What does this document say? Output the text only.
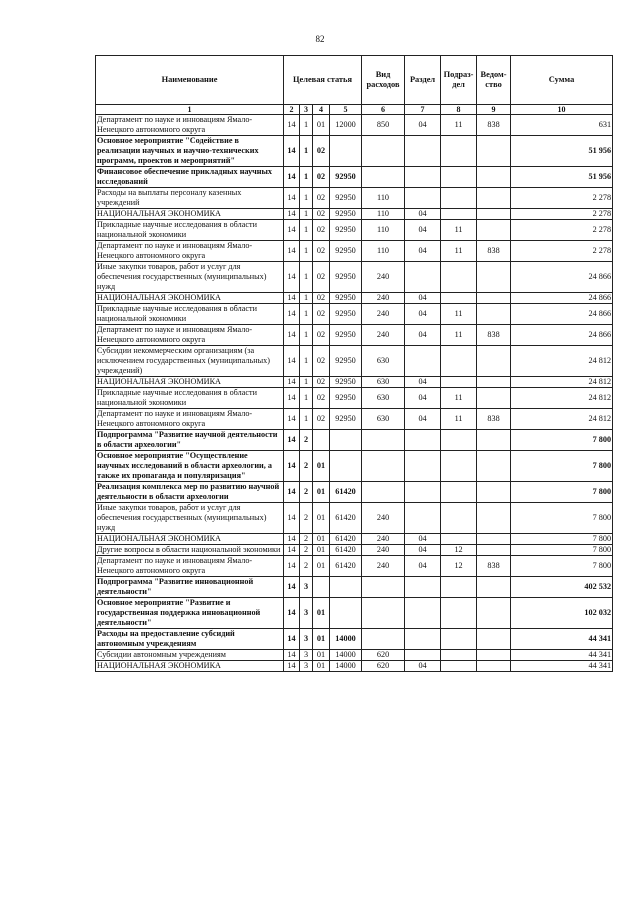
82
Наименование	Целевая статья				Вид расходов	Раздел	Подраз-дел	Ведом-ство	Сумма
1	2	3	4	5	6	7	8	9	10
Департамент по науке и инновациям Ямало-Ненецкого автономного округа	14	1	01	12000	850	04	11	838	631
Основное мероприятие "Содействие в реализации научных и научно-технических программ, проектов и мероприятий"	14	1	02						51 956
Финансовое обеспечение прикладных научных исследований	14	1	02	92950					51 956
Расходы на выплаты персоналу казенных учреждений	14	1	02	92950	110				2 278
НАЦИОНАЛЬНАЯ ЭКОНОМИКА	14	1	02	92950	110	04			2 278
Прикладные научные исследования в области национальной экономики	14	1	02	92950	110	04	11		2 278
Департамент по науке и инновациям Ямало-Ненецкого автономного округа	14	1	02	92950	110	04	11	838	2 278
Иные закупки товаров, работ и услуг для обеспечения государственных (муниципальных) нужд	14	1	02	92950	240				24 866
НАЦИОНАЛЬНАЯ ЭКОНОМИКА	14	1	02	92950	240	04			24 866
Прикладные научные исследования в области национальной экономики	14	1	02	92950	240	04	11		24 866
Департамент по науке и инновациям Ямало-Ненецкого автономного округа	14	1	02	92950	240	04	11	838	24 866
Субсидии некоммерческим организациям (за исключением государственных (муниципальных) учреждений)	14	1	02	92950	630				24 812
НАЦИОНАЛЬНАЯ ЭКОНОМИКА	14	1	02	92950	630	04			24 812
Прикладные научные исследования в области национальной экономики	14	1	02	92950	630	04	11		24 812
Департамент по науке и инновациям Ямало-Ненецкого автономного округа	14	1	02	92950	630	04	11	838	24 812
Подпрограмма "Развитие научной деятельности в области археологии"	14	2							7 800
Основное мероприятие "Осуществление научных исследований в области археологии, а также их пропаганда и популяризация"	14	2	01						7 800
Реализация комплекса мер по развитию научной деятельности в области археологии	14	2	01	61420					7 800
Иные закупки товаров, работ и услуг для обеспечения государственных (муниципальных) нужд	14	2	01	61420	240				7 800
НАЦИОНАЛЬНАЯ ЭКОНОМИКА	14	2	01	61420	240	04			7 800
Другие вопросы в области национальной экономики	14	2	01	61420	240	04	12		7 800
Департамент по науке и инновациям Ямало-Ненецкого автономного округа	14	2	01	61420	240	04	12	838	7 800
Подпрограмма "Развитие инновационной деятельности"	14	3							402 532
Основное мероприятие "Развитие и государственная поддержка инновационной деятельности"	14	3	01						102 032
Расходы на предоставление субсидий автономным учреждениям	14	3	01	14000					44 341
Субсидии автономным учреждениям	14	3	01	14000	620				44 341
НАЦИОНАЛЬНАЯ ЭКОНОМИКА	14	3	01	14000	620	04			44 341
